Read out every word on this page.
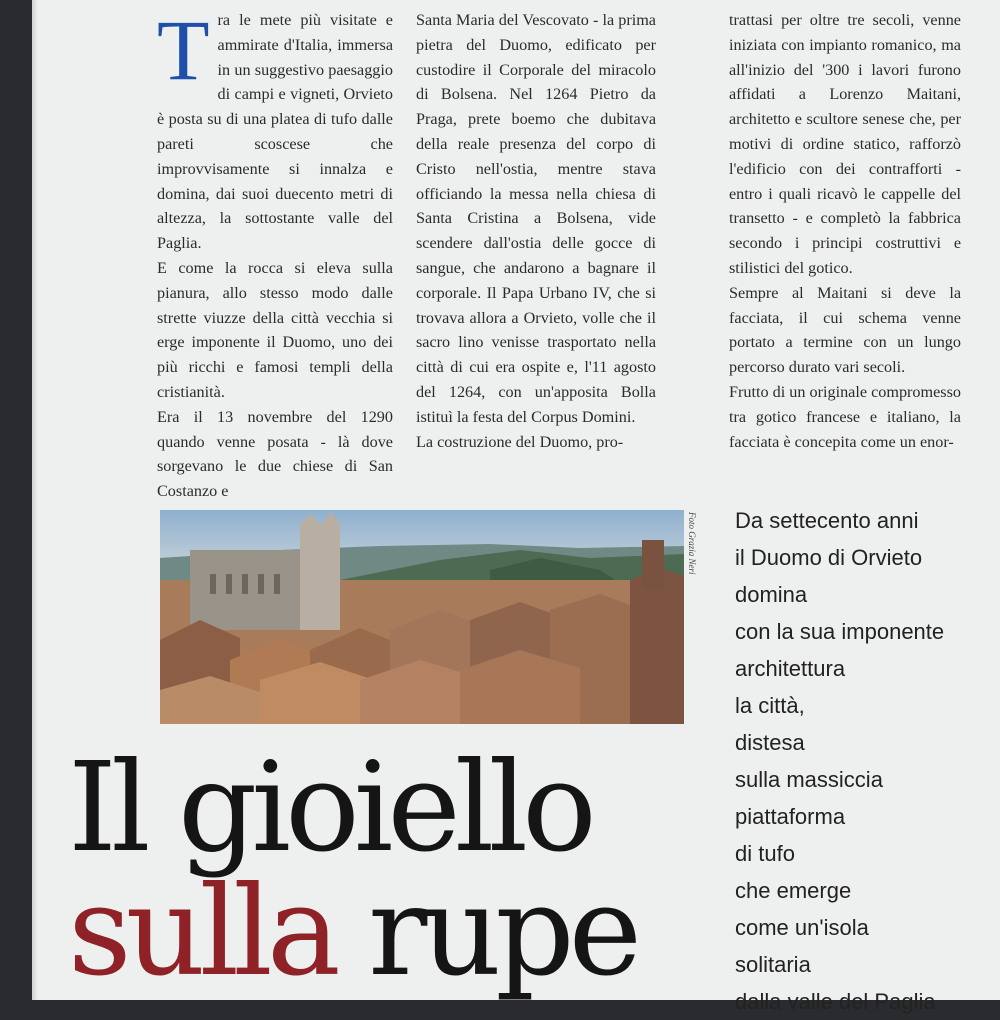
T ra le mete più visitate e ammirate d'Italia, immersa in un suggestivo paesaggio di campi e vigneti, Orvieto è posta su di una platea di tufo dalle pareti scoscese che improvvisamente si innalza e domina, dai suoi duecento metri di altezza, la sottostante valle del Paglia.

E come la rocca si eleva sulla pianura, allo stesso modo dalle strette viuzze della città vecchia si erge imponente il Duomo, uno dei più ricchi e famosi templi della cristianità.

Era il 13 novembre del 1290 quando venne posata - là dove sorgevano le due chiese di San Costanzo e

Santa Maria del Vescovato - la prima pietra del Duomo, edificato per custodire il Corporale del miracolo di Bolsena. Nel 1264 Pietro da Praga, prete boemo che dubitava della reale presenza del corpo di Cristo nell'ostia, mentre stava officiando la messa nella chiesa di Santa Cristina a Bolsena, vide scendere dall'ostia delle gocce di sangue, che andarono a bagnare il corporale. Il Papa Urbano IV, che si trovava allora a Orvieto, volle che il sacro lino venisse trasportato nella città di cui era ospite e, l'11 agosto del 1264, con un'apposita Bolla istituì la festa del Corpus Domini.

La costruzione del Duomo, pro-

trattasi per oltre tre secoli, venne iniziata con impianto romanico, ma all'inizio del '300 i lavori furono affidati a Lorenzo Maitani, architetto e scultore senese che, per motivi di ordine statico, rafforzò l'edificio con dei contrafforti - entro i quali ricavò le cappelle del transetto - e completò la fabbrica secondo i principi costruttivi e stilistici del gotico.

Sempre al Maitani si deve la facciata, il cui schema venne portato a termine con un lungo percorso durato vari secoli.

Frutto di un originale compromesso tra gotico francese e italiano, la facciata è concepita come un enor-

Foto Grazia Neri Da settecento anni
il Duomo di Orvieto
domina
con la sua imponente
architettura
la città,
distesa
sulla massiccia
piattaforma
di tufo
che emerge
come un'isola
solitaria
dalla valle del Paglia
Il gioiello
sulla rupe
